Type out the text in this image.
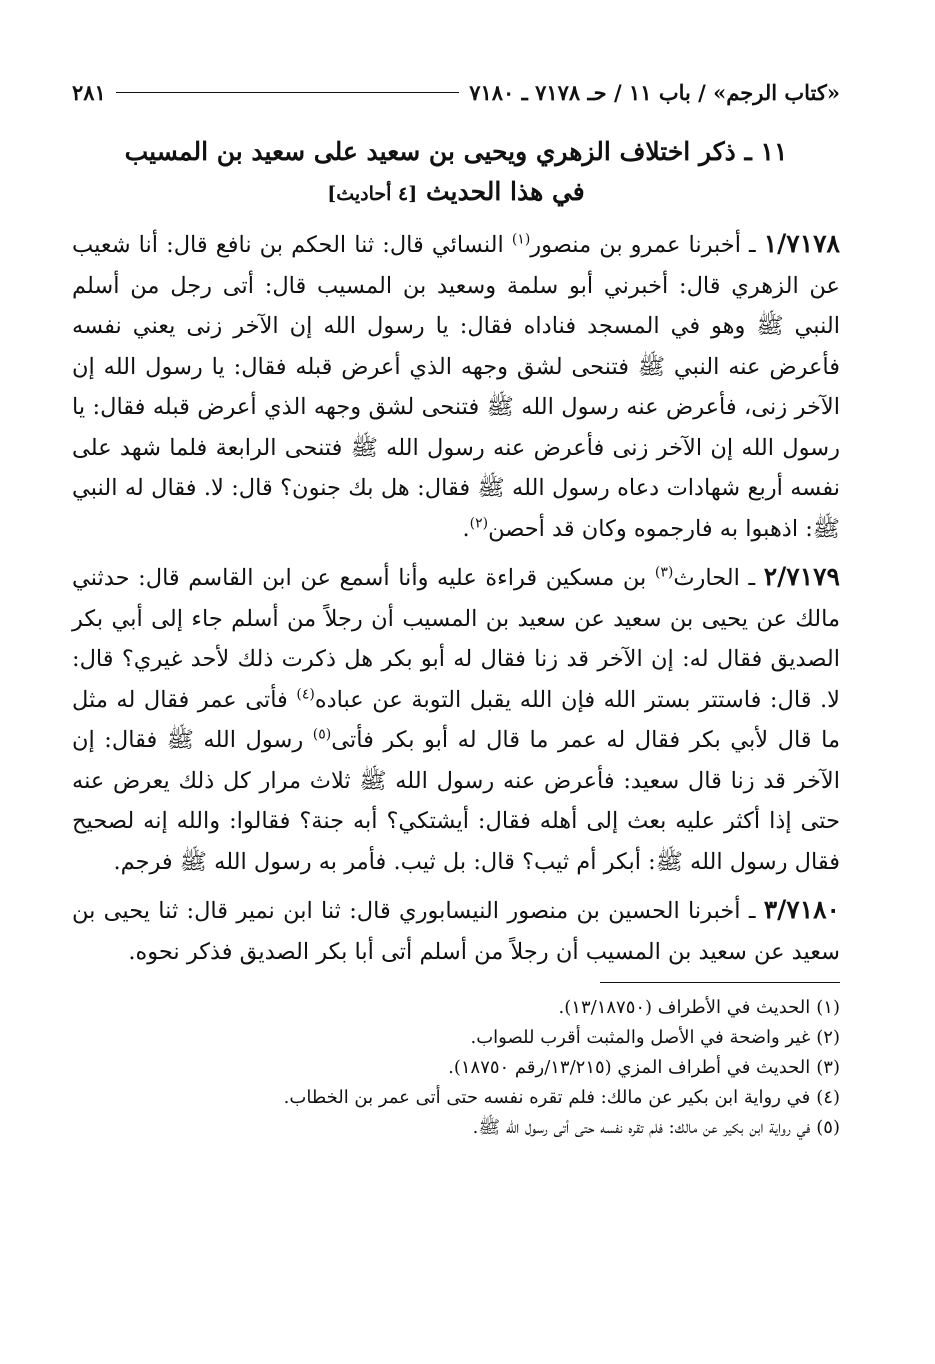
«كتاب الرجم» / باب ١١ / حـ ٧١٧٨ ـ ٧١٨٠
٢٨١
١١ ـ ذكر اختلاف الزهري ويحيى بن سعيد على سعيد بن المسيب
في هذا الحديث [٤ أحاديث]

١/٧١٧٨ ـ أخبرنا عمرو بن منصور$^{(١)}$ النسائي قال: ثنا الحكم بن نافع قال: أنا شعيب عن الزهري قال: أخبرني أبو سلمة وسعيد بن المسيب قال: أتى رجل من أسلم النبي ﷺ وهو في المسجد فناداه فقال: يا رسول الله إن الآخر زنى يعني نفسه فأعرض عنه النبي ﷺ فتنحى لشق وجهه الذي أعرض قبله فقال: يا رسول الله إن الآخر زنى، فأعرض عنه رسول الله ﷺ فتنحى لشق وجهه الذي أعرض قبله فقال: يا رسول الله إن الآخر زنى فأعرض عنه رسول الله ﷺ فتنحى الرابعة فلما شهد على نفسه أربع شهادات دعاه رسول الله ﷺ فقال: هل بك جنون؟ قال: لا. فقال له النبي ﷺ: اذهبوا به فارجموه وكان قد أحصن$^{(٢)}$.

٢/٧١٧٩ ـ الحارث$^{(٣)}$ بن مسكين قراءة عليه وأنا أسمع عن ابن القاسم قال: حدثني مالك عن يحيى بن سعيد عن سعيد بن المسيب أن رجلاً من أسلم جاء إلى أبي بكر الصديق فقال له: إن الآخر قد زنا فقال له أبو بكر هل ذكرت ذلك لأحد غيري؟ قال: لا. قال: فاستتر بستر الله فإن الله يقبل التوبة عن عباده$^{(٤)}$ فأتى عمر فقال له مثل ما قال لأبي بكر فقال له عمر ما قال له أبو بكر فأتى$^{(٥)}$ رسول الله ﷺ فقال: إن الآخر قد زنا قال سعيد: فأعرض عنه رسول الله ﷺ ثلاث مرار كل ذلك يعرض عنه حتى إذا أكثر عليه بعث إلى أهله فقال: أيشتكي؟ أبه جنة؟ فقالوا: والله إنه لصحيح فقال رسول الله ﷺ: أبكر أم ثيب؟ قال: بل ثيب. فأمر به رسول الله ﷺ فرجم.

٣/٧١٨٠ ـ أخبرنا الحسين بن منصور النيسابوري قال: ثنا ابن نمير قال: ثنا يحيى بن سعيد عن سعيد بن المسيب أن رجلاً من أسلم أتى أبا بكر الصديق فذكر نحوه.

(١)الحديث في الأطراف (١٣/١٨٧٥٠).

(٢)غير واضحة في الأصل والمثبت أقرب للصواب.

(٣)الحديث في أطراف المزي (١٣/٢١٥/رقم ١٨٧٥٠).

(٤)في رواية ابن بكير عن مالك: فلم تقره نفسه حتى أتى عمر بن الخطاب.

(٥)في رواية ابن بكير عن مالك: فلم تقره نفسه حتى أتى رسول الله ﷺ.
